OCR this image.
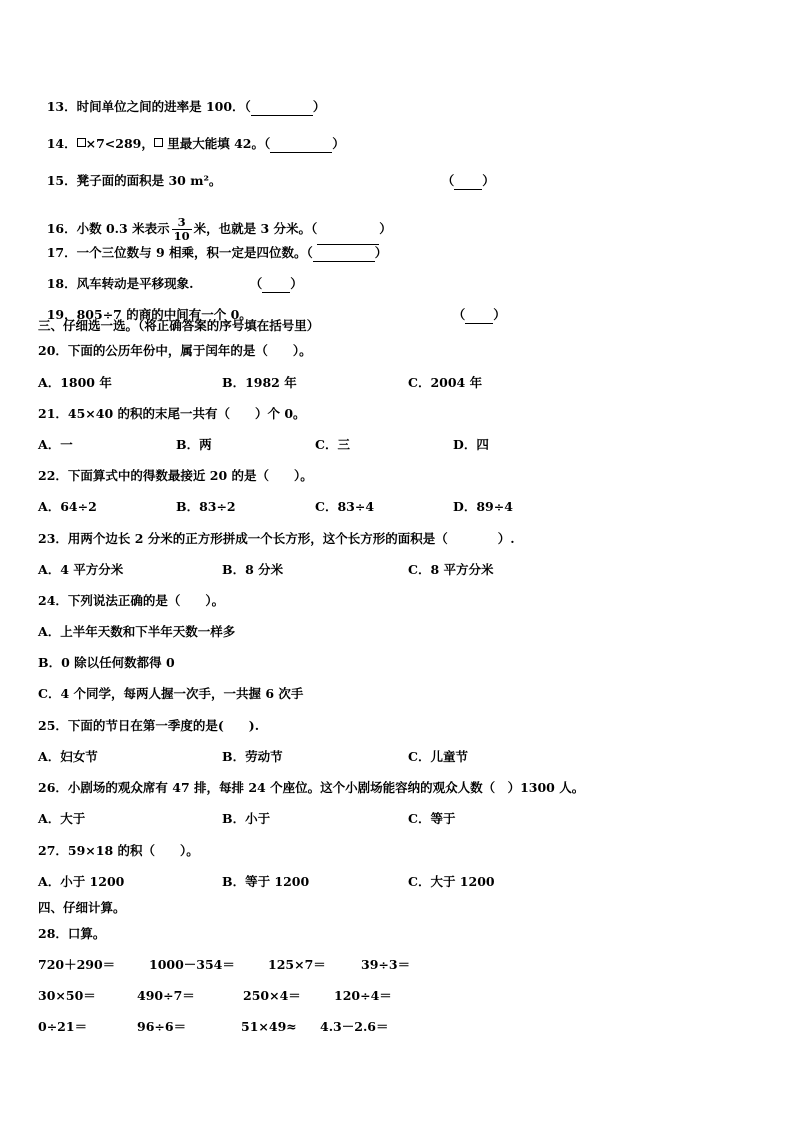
13．时间单位之间的进率是 100．（	）

14． ×7<289， 里最大能填 42。（	）

15．凳子面的面积是 30 m²。	（ ）

16．小数 0.3 米表示 $\frac{3}{10}$ 米，也就是 3 分米。（	）

17．一个三位数与 9 相乘，积一定是四位数。（	）

18．风车转动是平移现象.	（ ）

19．805÷7 的商的中间有一个 0。	（ ）

三、仔细选一选。（将正确答案的序号填在括号里）
20．下面的公历年份中，属于闰年的是（　　）。
A．1800 年	B．1982 年	C．2004 年
21．45×40 的积的末尾一共有（　　）个 0。
A．一	B．两	C．三	D．四
22．下面算式中的得数最接近 20 的是（　　）。
A．64÷2	B．83÷2	C．83÷4	D．89÷4
23．用两个边长 2 分米的正方形拼成一个长方形，这个长方形的面积是（　　　　）.
A．4 平方分米	B．8 分米	C．8 平方分米
24．下列说法正确的是（　　）。
A．上半年天数和下半年天数一样多
B．0 除以任何数都得 0
C．4 个同学，每两人握一次手，一共握 6 次手
25．下面的节日在第一季度的是(　　).
A．妇女节	B．劳动节	C．儿童节
26．小剧场的观众席有 47 排，每排 24 个座位。这个小剧场能容纳的观众人数（　）1300 人。
A．大于	B．小于	C．等于
27．59×18 的积（　　）。
A．小于 1200	B．等于 1200	C．大于 1200
四、仔细计算。
28．口算。
720＋290＝	1000－354＝	125×7＝	39÷3＝
30×50＝	490÷7＝	250×4＝	120÷4＝
0÷21＝	96÷6＝	51×49≈ 4.3－2.6＝
